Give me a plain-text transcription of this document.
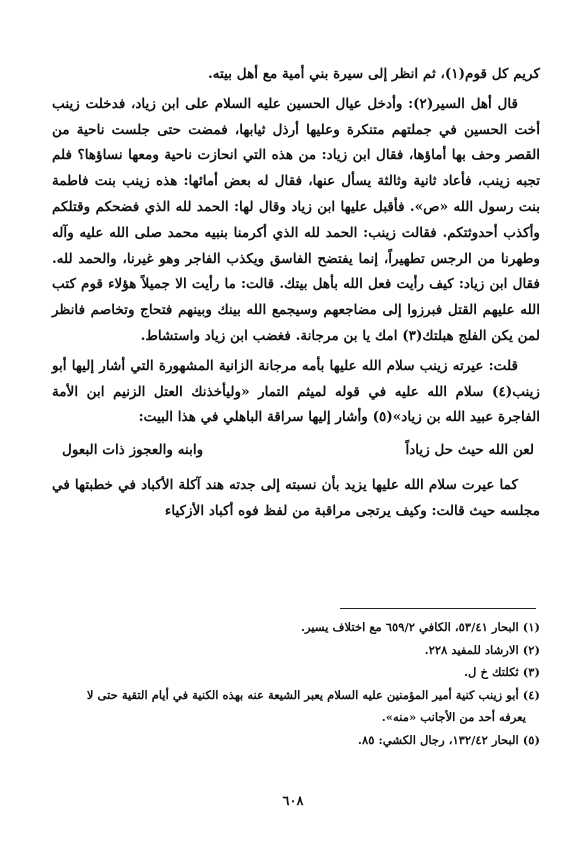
كريم كل قوم(١)، ثم انظر إلى سيرة بني أمية مع أهل بيته.

قال أهل السير(٢): وأدخل عيال الحسين عليه السلام على ابن زياد، فدخلت زينب أخت الحسين في جملتهم متنكرة وعليها أرذل ثيابها، فمضت حتى جلست ناحية من القصر وحف بها أماؤها، فقال ابن زياد: من هذه التي انحازت ناحية ومعها نساؤها؟ فلم تجبه زينب، فأعاد ثانية وثالثة يسأل عنها، فقال له بعض أمائها: هذه زينب بنت فاطمة بنت رسول الله «ص». فأقبل عليها ابن زياد وقال لها: الحمد لله الذي فضحكم وقتلكم وأكذب أحدوثتكم. فقالت زينب: الحمد لله الذي أكرمنا بنبيه محمد صلى الله عليه وآله وطهرنا من الرجس تطهيراً، إنما يفتضح الفاسق ويكذب الفاجر وهو غيرنا، والحمد لله. فقال ابن زياد: كيف رأيت فعل الله بأهل بيتك. قالت: ما رأيت الا جميلاً هؤلاء قوم كتب الله عليهم القتل فبرزوا إلى مضاجعهم وسيجمع الله بينك وبينهم فتحاج وتخاصم فانظر لمن يكن الفلج هبلتك(٣) امك يا بن مرجانة. فغضب ابن زياد واستشاط.

قلت: عيرته زينب سلام الله عليها بأمه مرجانة الزانية المشهورة التي أشار إليها أبو زينب(٤) سلام الله عليه في قوله لميثم التمار «وليأخذنك العتل الزنيم ابن الأمة الفاجرة عبيد الله بن زياد»(٥) وأشار إليها سراقة الباهلي في هذا البيت:

لعن الله حيث حل زياداً
وابنه والعجوز ذات البعول

كما عيرت سلام الله عليها يزيد بأن نسبته إلى جدته هند آكلة الأكباد في خطبتها في مجلسه حيث قالت: وكيف يرتجى مراقبة من لفظ فوه أكباد الأزكياء

(١) البحار ٥٣/٤١، الكافي ٦٥٩/٢ مع اختلاف يسير.
(٢) الارشاد للمفيد ٢٢٨.
(٣) ثكلتك خ ل.
(٤) أبو زينب كنية أمير المؤمنين عليه السلام يعبر الشيعة عنه بهذه الكنية في أيام التقية حتى لا
يعرفه أحد من الأجانب «منه».
(٥) البحار ١٣٢/٤٢، رجال الكشي: ٨٥.
٦٠٨
